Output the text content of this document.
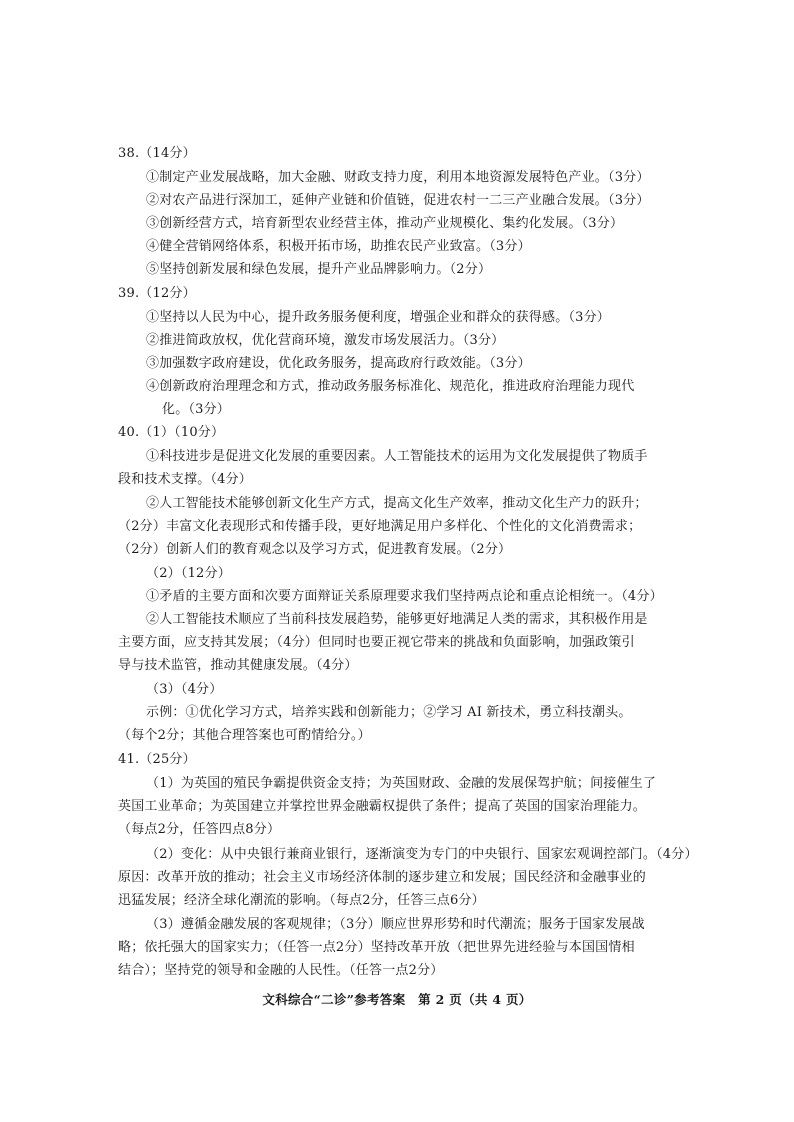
38.（14分）
①制定产业发展战略，加大金融、财政支持力度，利用本地资源发展特色产业。（3分）
②对农产品进行深加工，延伸产业链和价值链，促进农村一二三产业融合发展。（3分）
③创新经营方式，培育新型农业经营主体，推动产业规模化、集约化发展。（3分）
④健全营销网络体系，积极开拓市场，助推农民产业致富。（3分）
⑤坚持创新发展和绿色发展，提升产业品牌影响力。（2分）
39.（12分）
①坚持以人民为中心，提升政务服务便利度，增强企业和群众的获得感。（3分）
②推进简政放权，优化营商环境，激发市场发展活力。（3分）
③加强数字政府建设，优化政务服务，提高政府行政效能。（3分）
④创新政府治理理念和方式，推动政务服务标准化、规范化，推进政府治理能力现代
化。（3分）
40.（1）（10分）
①科技进步是促进文化发展的重要因素。人工智能技术的运用为文化发展提供了物质手
段和技术支撑。（4分）
②人工智能技术能够创新文化生产方式，提高文化生产效率，推动文化生产力的跃升；
（2分）丰富文化表现形式和传播手段，更好地满足用户多样化、个性化的文化消费需求；
（2分）创新人们的教育观念以及学习方式，促进教育发展。（2分）
（2）（12分）
①矛盾的主要方面和次要方面辩证关系原理要求我们坚持两点论和重点论相统一。（4分）
②人工智能技术顺应了当前科技发展趋势，能够更好地满足人类的需求，其积极作用是
主要方面，应支持其发展；（4分）但同时也要正视它带来的挑战和负面影响，加强政策引
导与技术监管，推动其健康发展。（4分）
（3）（4分）
示例：①优化学习方式，培养实践和创新能力；②学习 AI 新技术，勇立科技潮头。
（每个2分；其他合理答案也可酌情给分。）
41.（25分）
（1）为英国的殖民争霸提供资金支持；为英国财政、金融的发展保驾护航；间接催生了
英国工业革命；为英国建立并掌控世界金融霸权提供了条件；提高了英国的国家治理能力。
（每点2分，任答四点8分）
（2）变化：从中央银行兼商业银行，逐渐演变为专门的中央银行、国家宏观调控部门。（4分）
原因：改革开放的推动；社会主义市场经济体制的逐步建立和发展；国民经济和金融事业的
迅猛发展；经济全球化潮流的影响。（每点2分，任答三点6分）
（3）遵循金融发展的客观规律；（3分）顺应世界形势和时代潮流；服务于国家发展战
略；依托强大的国家实力；（任答一点2分）坚持改革开放（把世界先进经验与本国国情相
结合）；坚持党的领导和金融的人民性。（任答一点2分）
文科综合“二诊”参考答案　第 2 页（共 4 页）
